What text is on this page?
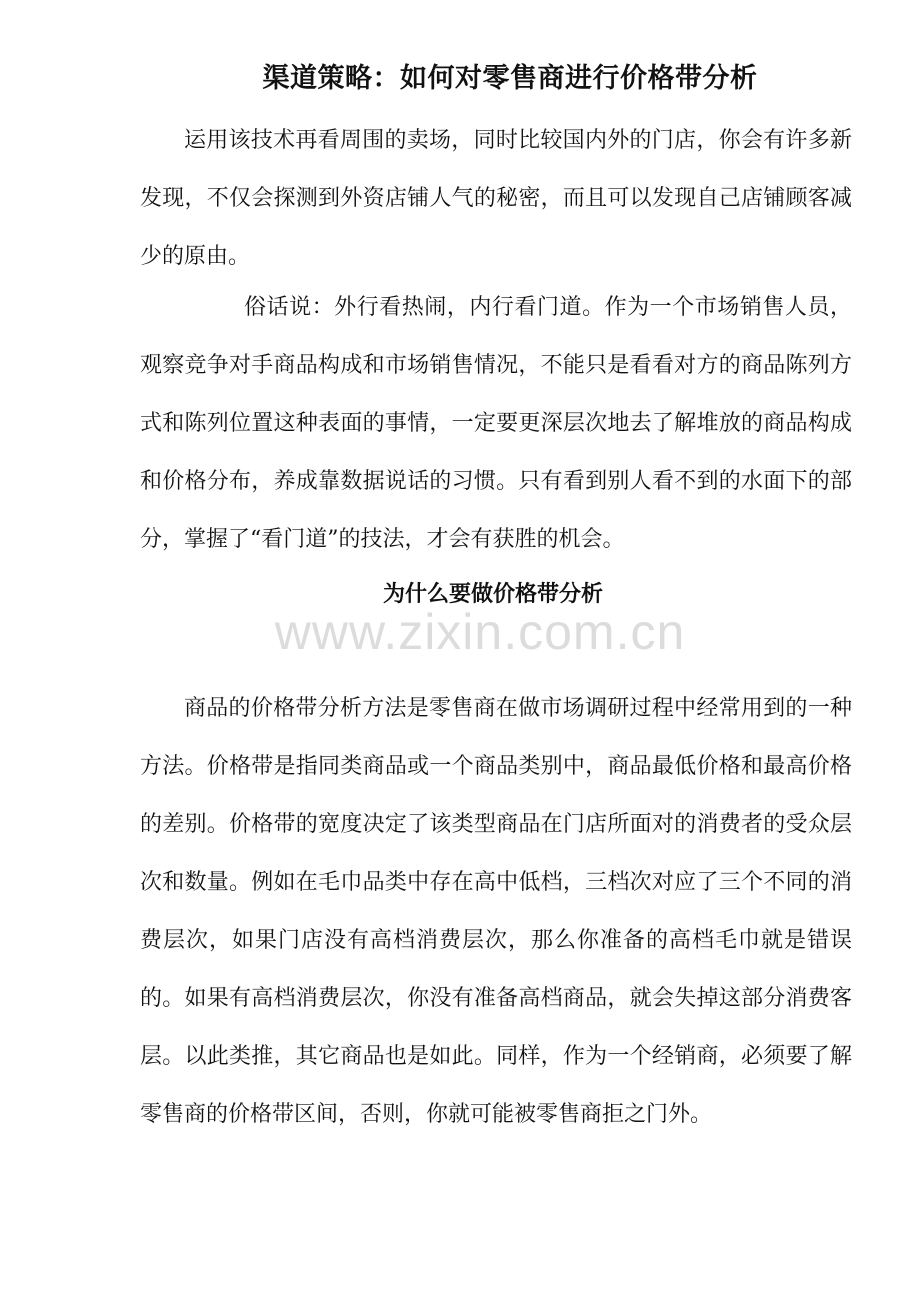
渠道策略：如何对零售商进行价格带分析

运用该技术再看周围的卖场，同时比较国内外的门店，你会有许多新发现，不仅会探测到外资店铺人气的秘密，而且可以发现自己店铺顾客减少的原由。

俗话说：外行看热闹，内行看门道。作为一个市场销售人员，观察竞争对手商品构成和市场销售情况，不能只是看看对方的商品陈列方式和陈列位置这种表面的事情，一定要更深层次地去了解堆放的商品构成和价格分布，养成靠数据说话的习惯。只有看到别人看不到的水面下的部分，掌握了“看门道”的技法，才会有获胜的机会。

为什么要做价格带分析
www.zixin.com.cn

商品的价格带分析方法是零售商在做市场调研过程中经常用到的一种方法。价格带是指同类商品或一个商品类别中，商品最低价格和最高价格的差别。价格带的宽度决定了该类型商品在门店所面对的消费者的受众层次和数量。例如在毛巾品类中存在高中低档，三档次对应了三个不同的消费层次，如果门店没有高档消费层次，那么你准备的高档毛巾就是错误的。如果有高档消费层次，你没有准备高档商品，就会失掉这部分消费客层。以此类推，其它商品也是如此。同样，作为一个经销商，必须要了解零售商的价格带区间，否则，你就可能被零售商拒之门外。
